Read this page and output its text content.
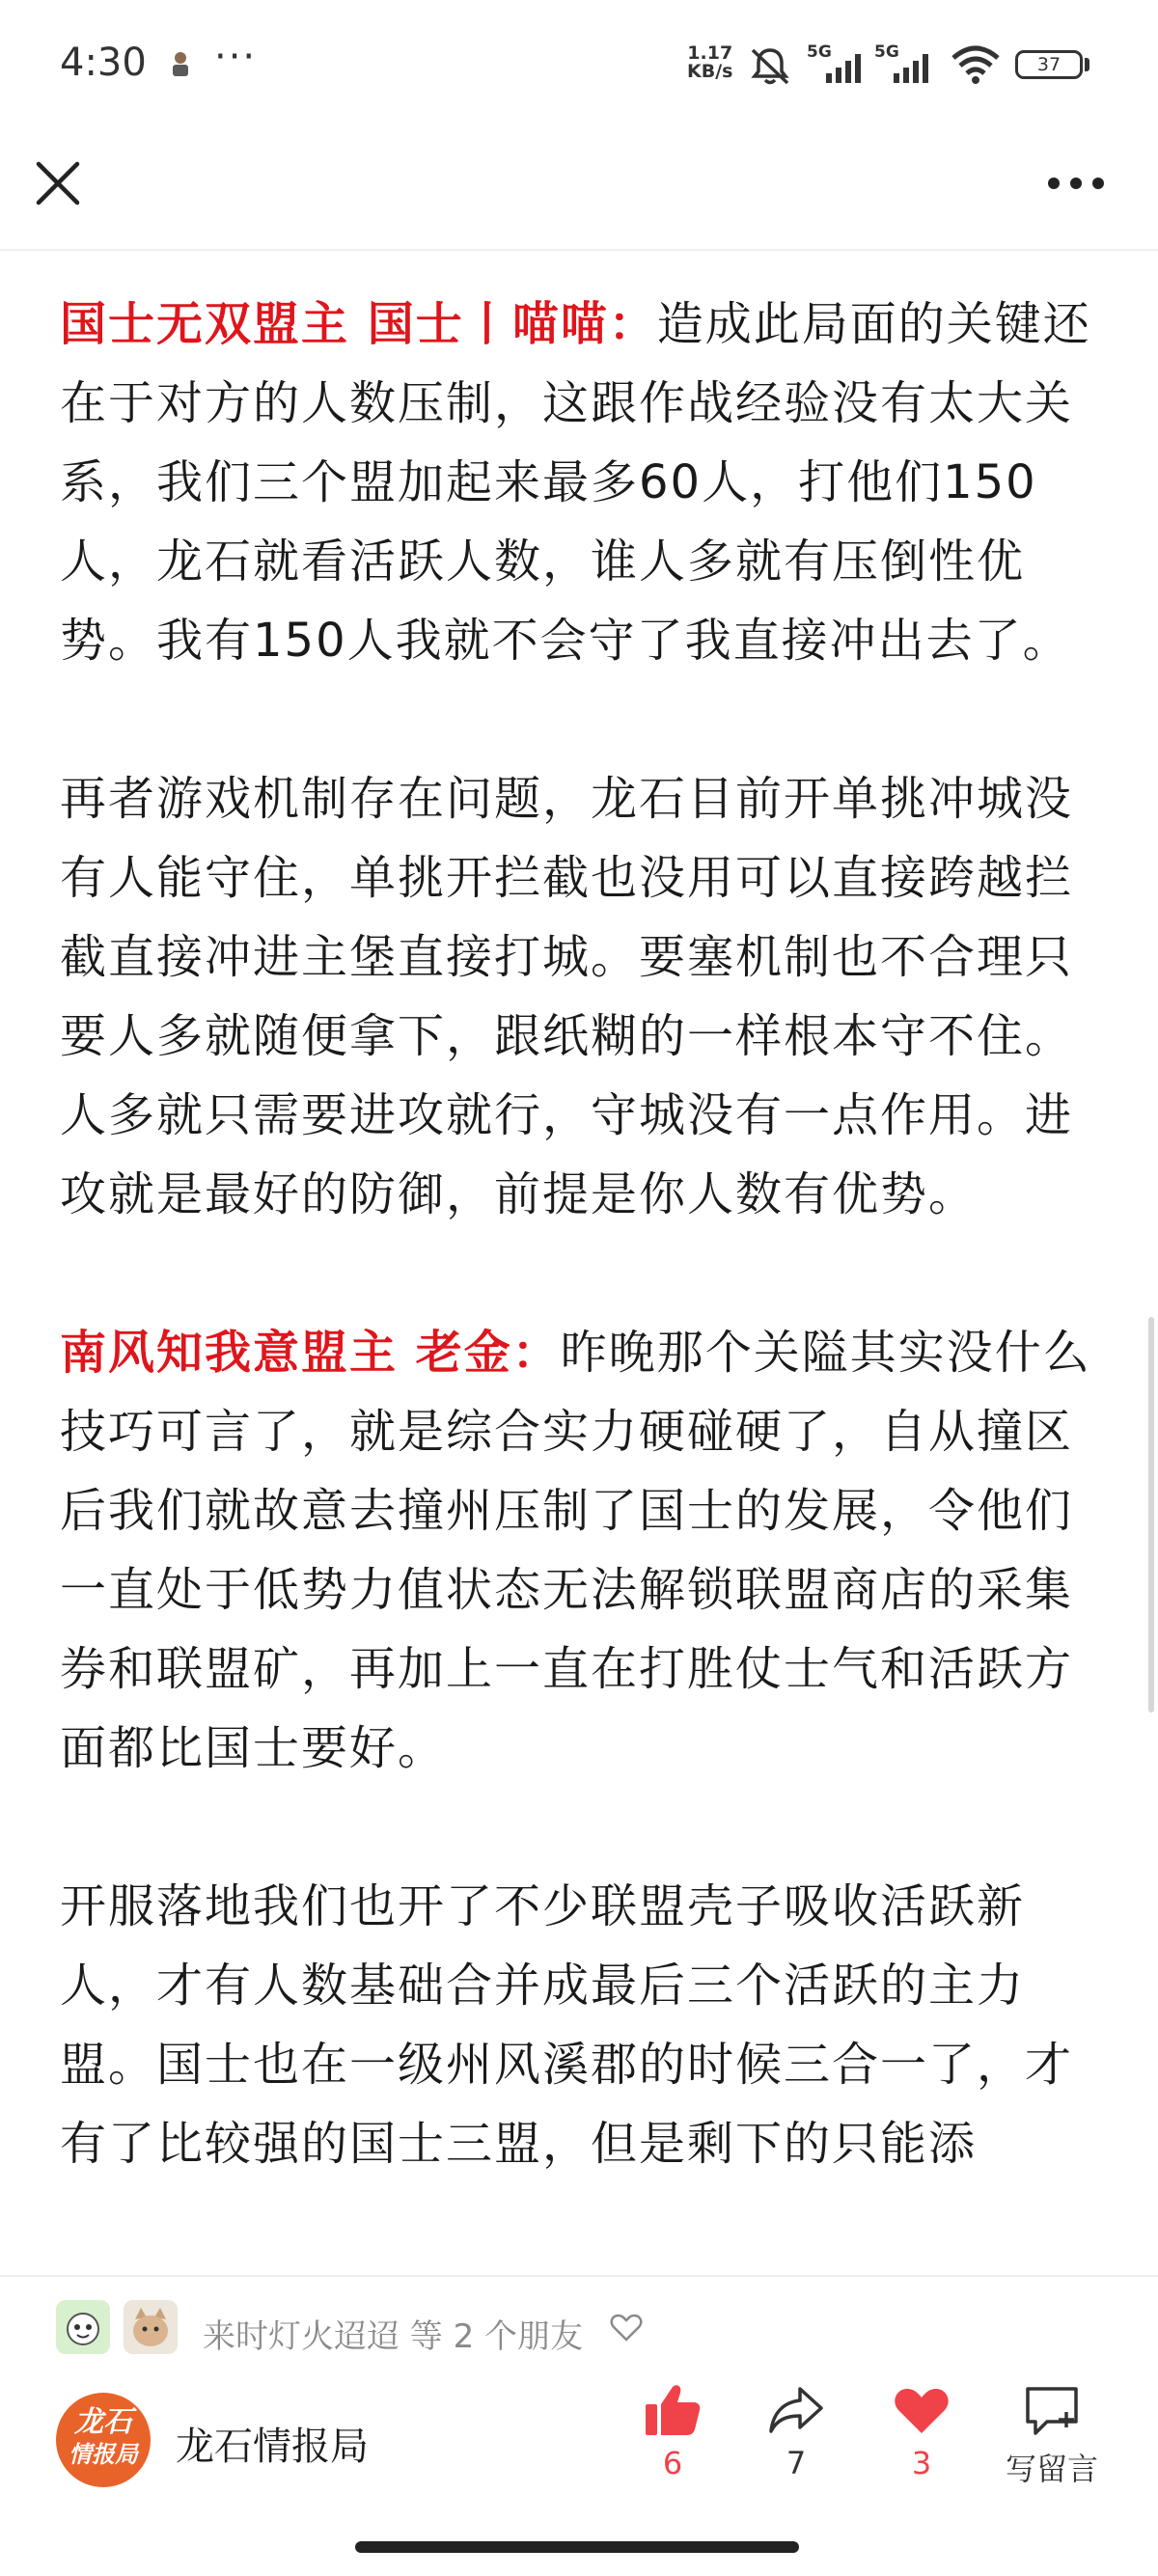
4:30 ···	1.17
KB/s
5G	5G
37

国士无双盟主 国士丨喵喵：造成此局面的关键还在于对方的人数压制，这跟作战经验没有太大关系，我们三个盟加起来最多60人，打他们150人，龙石就看活跃人数，谁人多就有压倒性优势。我有150人我就不会守了我直接冲出去了。

再者游戏机制存在问题，龙石目前开单挑冲城没有人能守住，单挑开拦截也没用可以直接跨越拦截直接冲进主堡直接打城。要塞机制也不合理只要人多就随便拿下，跟纸糊的一样根本守不住。人多就只需要进攻就行，守城没有一点作用。进攻就是最好的防御，前提是你人数有优势。

南风知我意盟主 老金：昨晚那个关隘其实没什么技巧可言了，就是综合实力硬碰硬了，自从撞区后我们就故意去撞州压制了国士的发展，令他们一直处于低势力值状态无法解锁联盟商店的采集券和联盟矿，再加上一直在打胜仗士气和活跃方面都比国士要好。

开服落地我们也开了不少联盟壳子吸收活跃新人，才有人数基础合并成最后三个活跃的主力盟。国士也在一级州风溪郡的时候三合一了，才有了比较强的国士三盟，但是剩下的只能添

来时灯火迢迢 等 2 个朋友
龙石
情报局 龙石情报局	6	7	3	写留言
